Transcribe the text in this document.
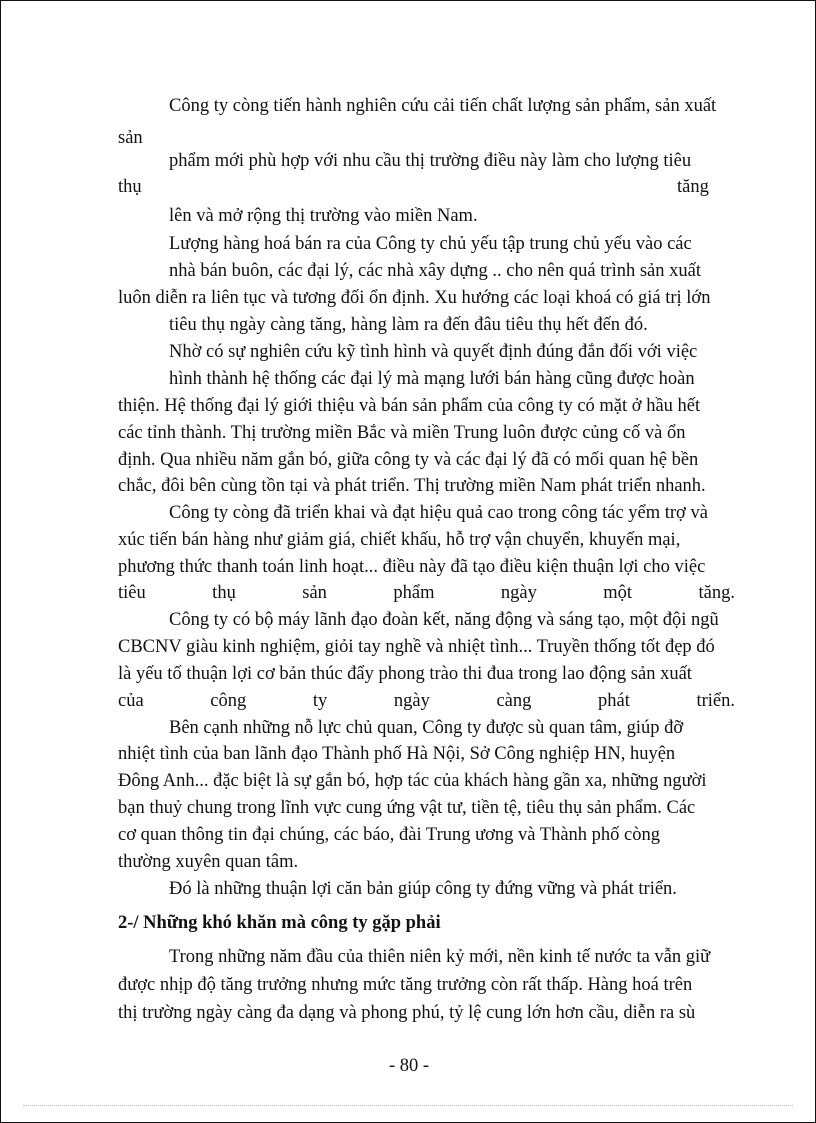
Công ty còng tiến hành nghiên cứu cải tiến chất lượng sản phẩm, sản xuất
sản
phẩm mới phù hợp với nhu cầu thị trường điều này làm cho lượng tiêu
thụ	tăng
lên và mở rộng thị trường vào miền Nam.
Lượng hàng hoá bán ra của Công ty chủ yếu tập trung chủ yếu vào các
nhà bán buôn, các đại lý, các nhà xây dựng .. cho nên quá trình sản xuất
luôn diễn ra liên tục và tương đối ổn định. Xu hướng các loại khoá có giá trị lớn
tiêu thụ ngày càng tăng, hàng làm ra đến đâu tiêu thụ hết đến đó.
Nhờ có sự nghiên cứu kỹ tình hình và quyết định đúng đắn đối với việc
hình thành hệ thống các đại lý mà mạng lưới bán hàng cũng được hoàn
thiện. Hệ thống đại lý giới thiệu và bán sản phẩm của công ty có mặt ở hầu hết
các tỉnh thành. Thị trường miền Bắc và miền Trung luôn được củng cố và ổn
định. Qua nhiều năm gắn bó, giữa công ty và các đại lý đã có mối quan hệ bền
chắc, đôi bên cùng tồn tại và phát triển. Thị trường miền Nam phát triển nhanh.
Công ty còng đã triển khai và đạt hiệu quả cao trong công tác yểm trợ và
xúc tiến bán hàng như giảm giá, chiết khấu, hỗ trợ vận chuyển, khuyến mại,
phương thức thanh toán linh hoạt... điều này đã tạo điều kiện thuận lợi cho việc
tiêu thụ sản phẩm ngày một tăng.
Công ty có bộ máy lãnh đạo đoàn kết, năng động và sáng tạo, một đội ngũ
CBCNV giàu kinh nghiệm, giỏi tay nghề và nhiệt tình... Truyền thống tốt đẹp đó
là yếu tố thuận lợi cơ bản thúc đẩy phong trào thi đua trong lao động sản xuất
của công ty ngày càng phát triển.
Bên cạnh những nỗ lực chủ quan, Công ty được sù quan tâm, giúp đỡ
nhiệt tình của ban lãnh đạo Thành phố Hà Nội, Sở Công nghiệp HN, huyện
Đông Anh... đặc biệt là sự gắn bó, hợp tác của khách hàng gần xa, những người
bạn thuỷ chung trong lĩnh vực cung ứng vật tư, tiền tệ, tiêu thụ sản phẩm. Các
cơ quan thông tin đại chúng, các báo, đài Trung ương và Thành phố còng
thường xuyên quan tâm.
Đó là những thuận lợi căn bản giúp công ty đứng vững và phát triển.
2-/ Những khó khăn mà công ty gặp phải
Trong những năm đầu của thiên niên kỷ mới, nền kinh tế nước ta vẫn giữ
được nhịp độ tăng trưởng nhưng mức tăng trưởng còn rất thấp. Hàng hoá trên
thị trường ngày càng đa dạng và phong phú, tỷ lệ cung lớn hơn cầu, diễn ra sù
- 80 -
